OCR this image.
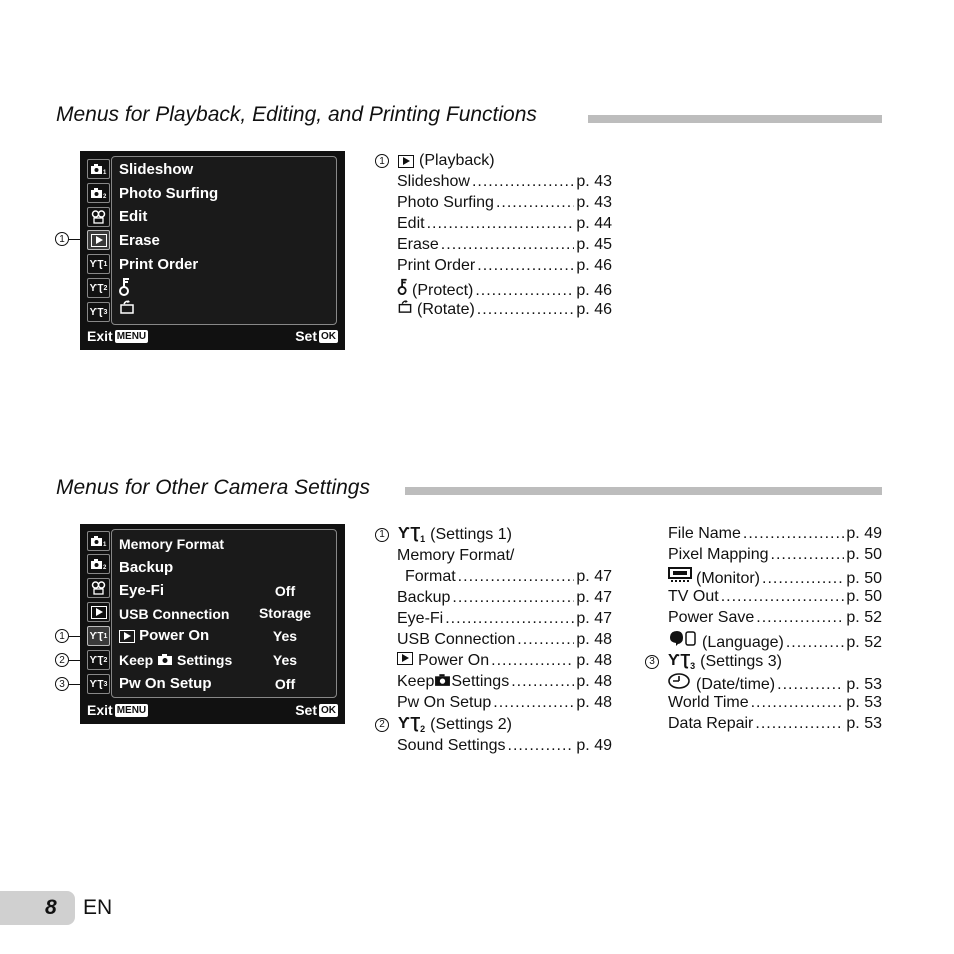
Menus for Playback, Editing, and Printing Functions
1
2
ƳƮ 1
ƳƮ 2
ƳƮ 3
Slideshow
Photo Surfing
Edit
Erase
Print Order
Exit MENU	Set OK
1
1 (Playback)
Slideshow .....	p. 43
Photo Surfing .....	p. 43
Edit .....	p. 44
Erase .....	p. 45
Print Order .....	p. 46
(Protect) .....	p. 46
(Rotate) .....	p. 46
Menus for Other Camera Settings
1
2
ƳƮ 1
ƳƮ 2
ƳƮ 3
Memory Format
Backup
Eye-Fi	Off
USB Connection	Storage
Power On	Yes
Keep Settings	Yes
Pw On Setup	Off
Exit MENU	Set OK
1
2
3
1 $ƳƮ_1$ (Settings 1)
Memory Format/
Format .....	p. 47
Backup .....	p. 47
Eye-Fi .....	p. 47
USB Connection .....	p. 48
Power On .....	p. 48
Keep Settings .....	p. 48
Pw On Setup .....	p. 48
2 $ƳƮ_2$ (Settings 2)
Sound Settings .....	p. 49
File Name .....	p. 49
Pixel Mapping .....	p. 50
(Monitor) .....	p. 50
TV Out .....	p. 50
Power Save .....	p. 52
(Language) .....	p. 52
3 $ƳƮ_3$ (Settings 3)
(Date/time) .....	p. 53
World Time .....	p. 53
Data Repair .....	p. 53
8 EN
